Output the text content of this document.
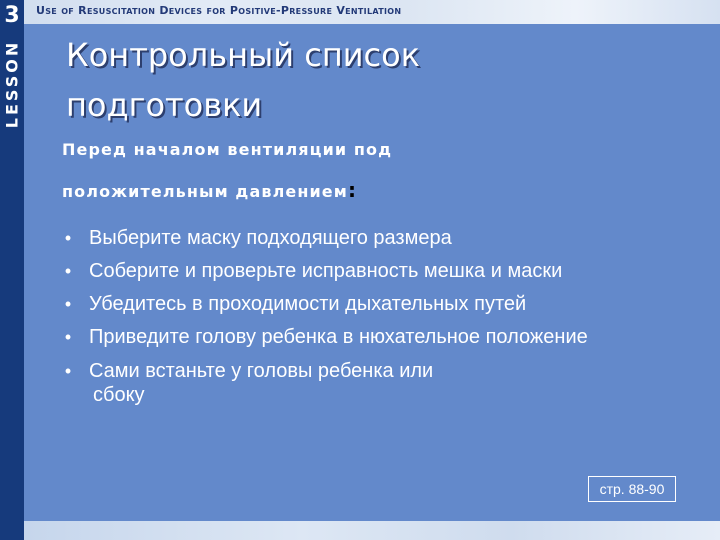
Use of Resuscitation Devices for Positive-Pressure Ventilation
3
LESSON Контрольный список
подготовки
Перед началом вентиляции под
положительным давлением:
• Выберите маску подходящего размера
• Соберите и проверьте исправность мешка и маски
• Убедитесь в проходимости дыхательных путей
• Приведите голову ребенка в нюхательное положение
• Сами встаньте у головы ребенка или
сбоку
стр. 88-90
